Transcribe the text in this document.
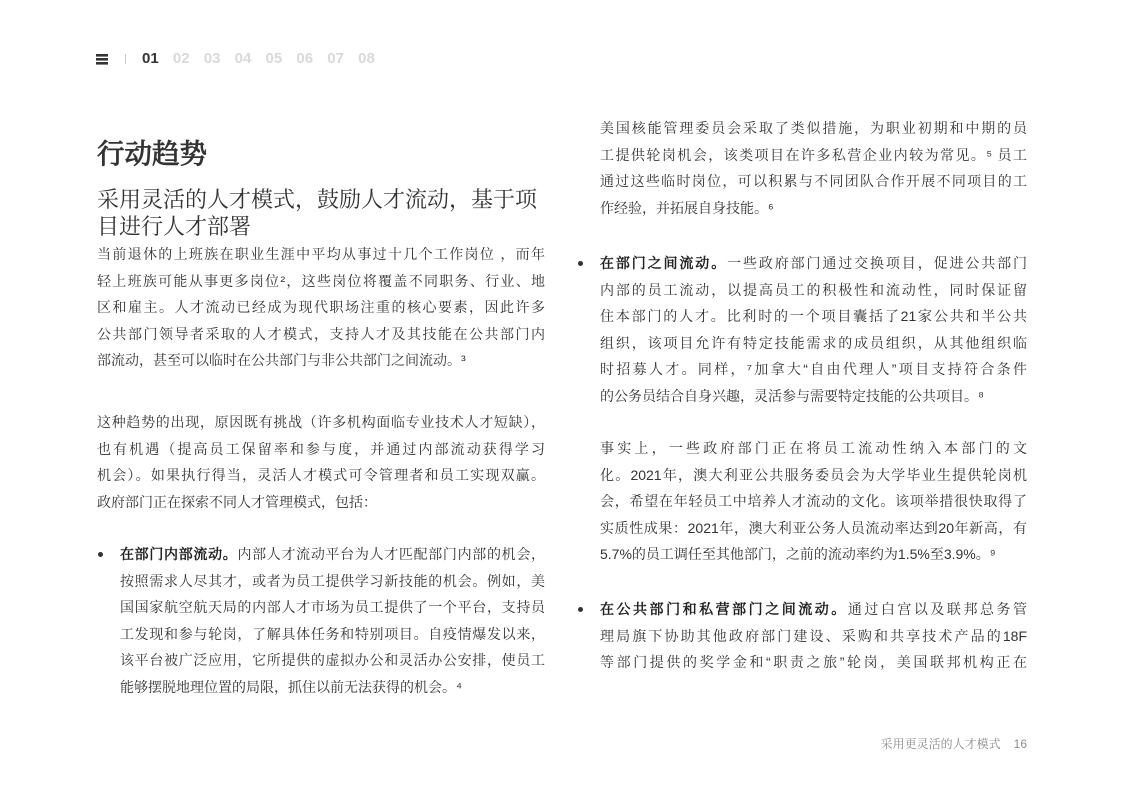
01 02 03 04 05 06 07 08
行动趋势
采用灵活的人才模式，鼓励人才流动，基于项
目进行人才部署
当前退休的上班族在职业生涯中平均从事过十几个工作岗位 ，而年
轻上班族可能从事更多岗位²，这些岗位将覆盖不同职务、行业、地
区和雇主。人才流动已经成为现代职场注重的核心要素，因此许多
公共部门领导者采取的人才模式，支持人才及其技能在公共部门内
部流动，甚至可以临时在公共部门与非公共部门之间流动。³
这种趋势的出现，原因既有挑战（许多机构面临专业技术人才短缺），
也有机遇（提高员工保留率和参与度，并通过内部流动获得学习
机会）。如果执行得当，灵活人才模式可令管理者和员工实现双赢。
政府部门正在探索不同人才管理模式，包括：
在部门内部流动。内部人才流动平台为人才匹配部门内部的机会，
按照需求人尽其才，或者为员工提供学习新技能的机会。例如，美
国国家航空航天局的内部人才市场为员工提供了一个平台，支持员
工发现和参与轮岗，了解具体任务和特别项目。自疫情爆发以来，
该平台被广泛应用，它所提供的虚拟办公和灵活办公安排，使员工
能够摆脱地理位置的局限，抓住以前无法获得的机会。⁴
美国核能管理委员会采取了类似措施，为职业初期和中期的员
工提供轮岗机会，该类项目在许多私营企业内较为常见。⁵ 员工
通过这些临时岗位，可以积累与不同团队合作开展不同项目的工
作经验，并拓展自身技能。⁶
在部门之间流动。一些政府部门通过交换项目，促进公共部门
内部的员工流动，以提高员工的积极性和流动性，同时保证留
住本部门的人才。比利时的一个项目囊括了21家公共和半公共
组织，该项目允许有特定技能需求的成员组织，从其他组织临
时招募人才。同样，⁷加拿大“自由代理人”项目支持符合条件
的公务员结合自身兴趣，灵活参与需要特定技能的公共项目。⁸
事实上，一些政府部门正在将员工流动性纳入本部门的文
化。2021年，澳大利亚公共服务委员会为大学毕业生提供轮岗机
会，希望在年轻员工中培养人才流动的文化。该项举措很快取得了
实质性成果：2021年，澳大利亚公务人员流动率达到20年新高，有
5.7%的员工调任至其他部门，之前的流动率约为1.5%至3.9%。⁹
在公共部门和私营部门之间流动。通过白宫以及联邦总务管
理局旗下协助其他政府部门建设、采购和共享技术产品的18F
等部门提供的奖学金和“职责之旅”轮岗，美国联邦机构正在
采用更灵活的人才模式 16
